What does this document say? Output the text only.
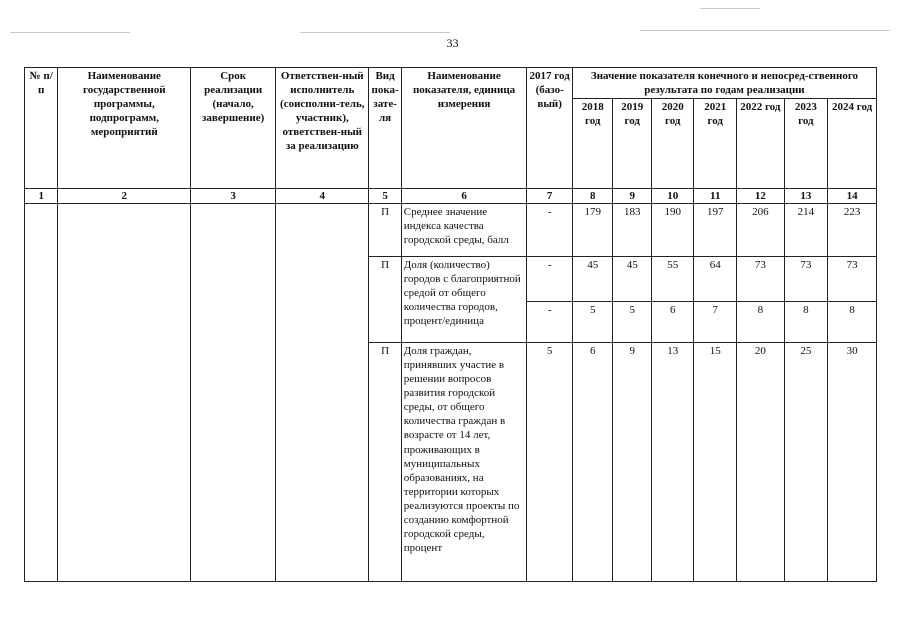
33
№ п/п	Наименование государственной программы, подпрограмм, мероприятий	Срок реализации (начало, завершение)	Ответствен-ный исполнитель (соисполни-тель, участник), ответствен-ный за реализацию	Вид пока-зате-ля	Наименование показателя, единица измерения	2017 год (базо-вый)	Значение показателя конечного и непосред-ственного результата по годам реализации						
							2018 год	2019 год	2020 год	2021 год	2022 год	2023 год	2024 год
1	2	3	4	5	6	7	8	9	10	11	12	13	14
				П	Среднее значение индекса качества городской среды, балл	-	179	183	190	197	206	214	223
				П	Доля (количество) городов с благоприятной средой от общего количества городов, процент/единица	-	45	45	55	64	73	73	73
						-	5	5	6	7	8	8	8
				П	Доля граждан, принявших участие в решении вопросов развития городской среды, от общего количества граждан в возрасте от 14 лет, проживающих в муниципальных образованиях, на территории которых реализуются проекты по созданию комфортной городской среды, процент	5	6	9	13	15	20	25	30
